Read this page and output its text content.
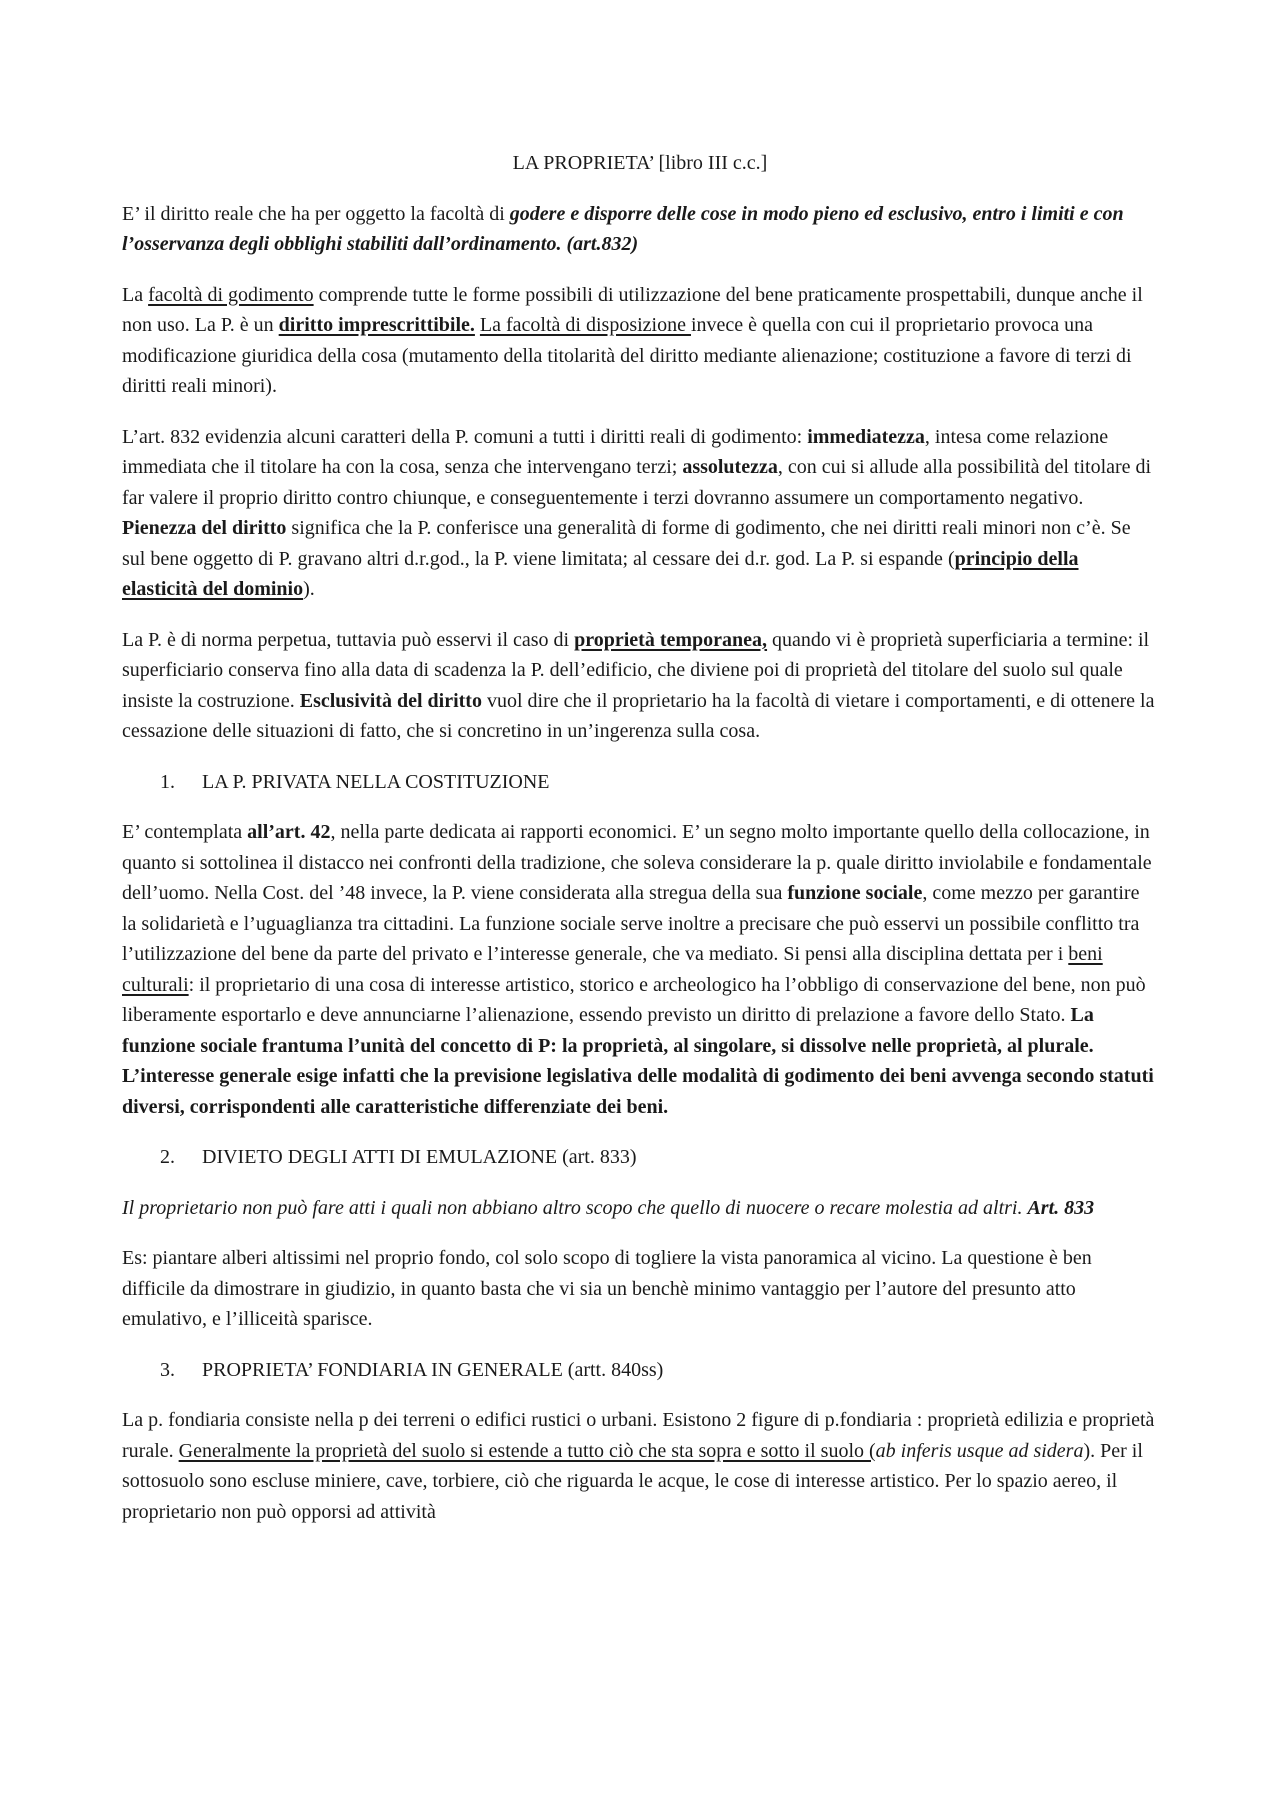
LA PROPRIETA’ [libro III c.c.]

E’ il diritto reale che ha per oggetto la facoltà di godere e disporre delle cose in modo pieno ed esclusivo, entro i limiti e con l’osservanza degli obblighi stabiliti dall’ordinamento. (art.832)

La facoltà di godimento comprende tutte le forme possibili di utilizzazione del bene praticamente prospettabili, dunque anche il non uso. La P. è un diritto imprescrittibile. La facoltà di disposizione invece è quella con cui il proprietario provoca una modificazione giuridica della cosa (mutamento della titolarità del diritto mediante alienazione; costituzione a favore di terzi di diritti reali minori).

L’art. 832 evidenzia alcuni caratteri della P. comuni a tutti i diritti reali di godimento: immediatezza, intesa come relazione immediata che il titolare ha con la cosa, senza che intervengano terzi; assolutezza, con cui si allude alla possibilità del titolare di far valere il proprio diritto contro chiunque, e conseguentemente i terzi dovranno assumere un comportamento negativo. Pienezza del diritto significa che la P. conferisce una generalità di forme di godimento, che nei diritti reali minori non c’è. Se sul bene oggetto di P. gravano altri d.r.god., la P. viene limitata; al cessare dei d.r. god. La P. si espande (principio della elasticità del dominio).

La P. è di norma perpetua, tuttavia può esservi il caso di proprietà temporanea, quando vi è proprietà superficiaria a termine: il superficiario conserva fino alla data di scadenza la P. dell’edificio, che diviene poi di proprietà del titolare del suolo sul quale insiste la costruzione. Esclusività del diritto vuol dire che il proprietario ha la facoltà di vietare i comportamenti, e di ottenere la cessazione delle situazioni di fatto, che si concretino in un’ingerenza sulla cosa.

1. LA P. PRIVATA NELLA COSTITUZIONE

E’ contemplata all’art. 42, nella parte dedicata ai rapporti economici. E’ un segno molto importante quello della collocazione, in quanto si sottolinea il distacco nei confronti della tradizione, che soleva considerare la p. quale diritto inviolabile e fondamentale dell’uomo. Nella Cost. del ’48 invece, la P. viene considerata alla stregua della sua funzione sociale, come mezzo per garantire la solidarietà e l’uguaglianza tra cittadini. La funzione sociale serve inoltre a precisare che può esservi un possibile conflitto tra l’utilizzazione del bene da parte del privato e l’interesse generale, che va mediato. Si pensi alla disciplina dettata per i beni culturali: il proprietario di una cosa di interesse artistico, storico e archeologico ha l’obbligo di conservazione del bene, non può liberamente esportarlo e deve annunciarne l’alienazione, essendo previsto un diritto di prelazione a favore dello Stato. La funzione sociale frantuma l’unità del concetto di P: la proprietà, al singolare, si dissolve nelle proprietà, al plurale. L’interesse generale esige infatti che la previsione legislativa delle modalità di godimento dei beni avvenga secondo statuti diversi, corrispondenti alle caratteristiche differenziate dei beni.

2. DIVIETO DEGLI ATTI DI EMULAZIONE (art. 833)

Il proprietario non può fare atti i quali non abbiano altro scopo che quello di nuocere o recare molestia ad altri. Art. 833

Es: piantare alberi altissimi nel proprio fondo, col solo scopo di togliere la vista panoramica al vicino. La questione è ben difficile da dimostrare in giudizio, in quanto basta che vi sia un benchè minimo vantaggio per l’autore del presunto atto emulativo, e l’illiceità sparisce.

3. PROPRIETA’ FONDIARIA IN GENERALE (artt. 840ss)

La p. fondiaria consiste nella p dei terreni o edifici rustici o urbani. Esistono 2 figure di p.fondiaria : proprietà edilizia e proprietà rurale. Generalmente la proprietà del suolo si estende a tutto ciò che sta sopra e sotto il suolo (ab inferis usque ad sidera). Per il sottosuolo sono escluse miniere, cave, torbiere, ciò che riguarda le acque, le cose di interesse artistico. Per lo spazio aereo, il proprietario non può opporsi ad attività
